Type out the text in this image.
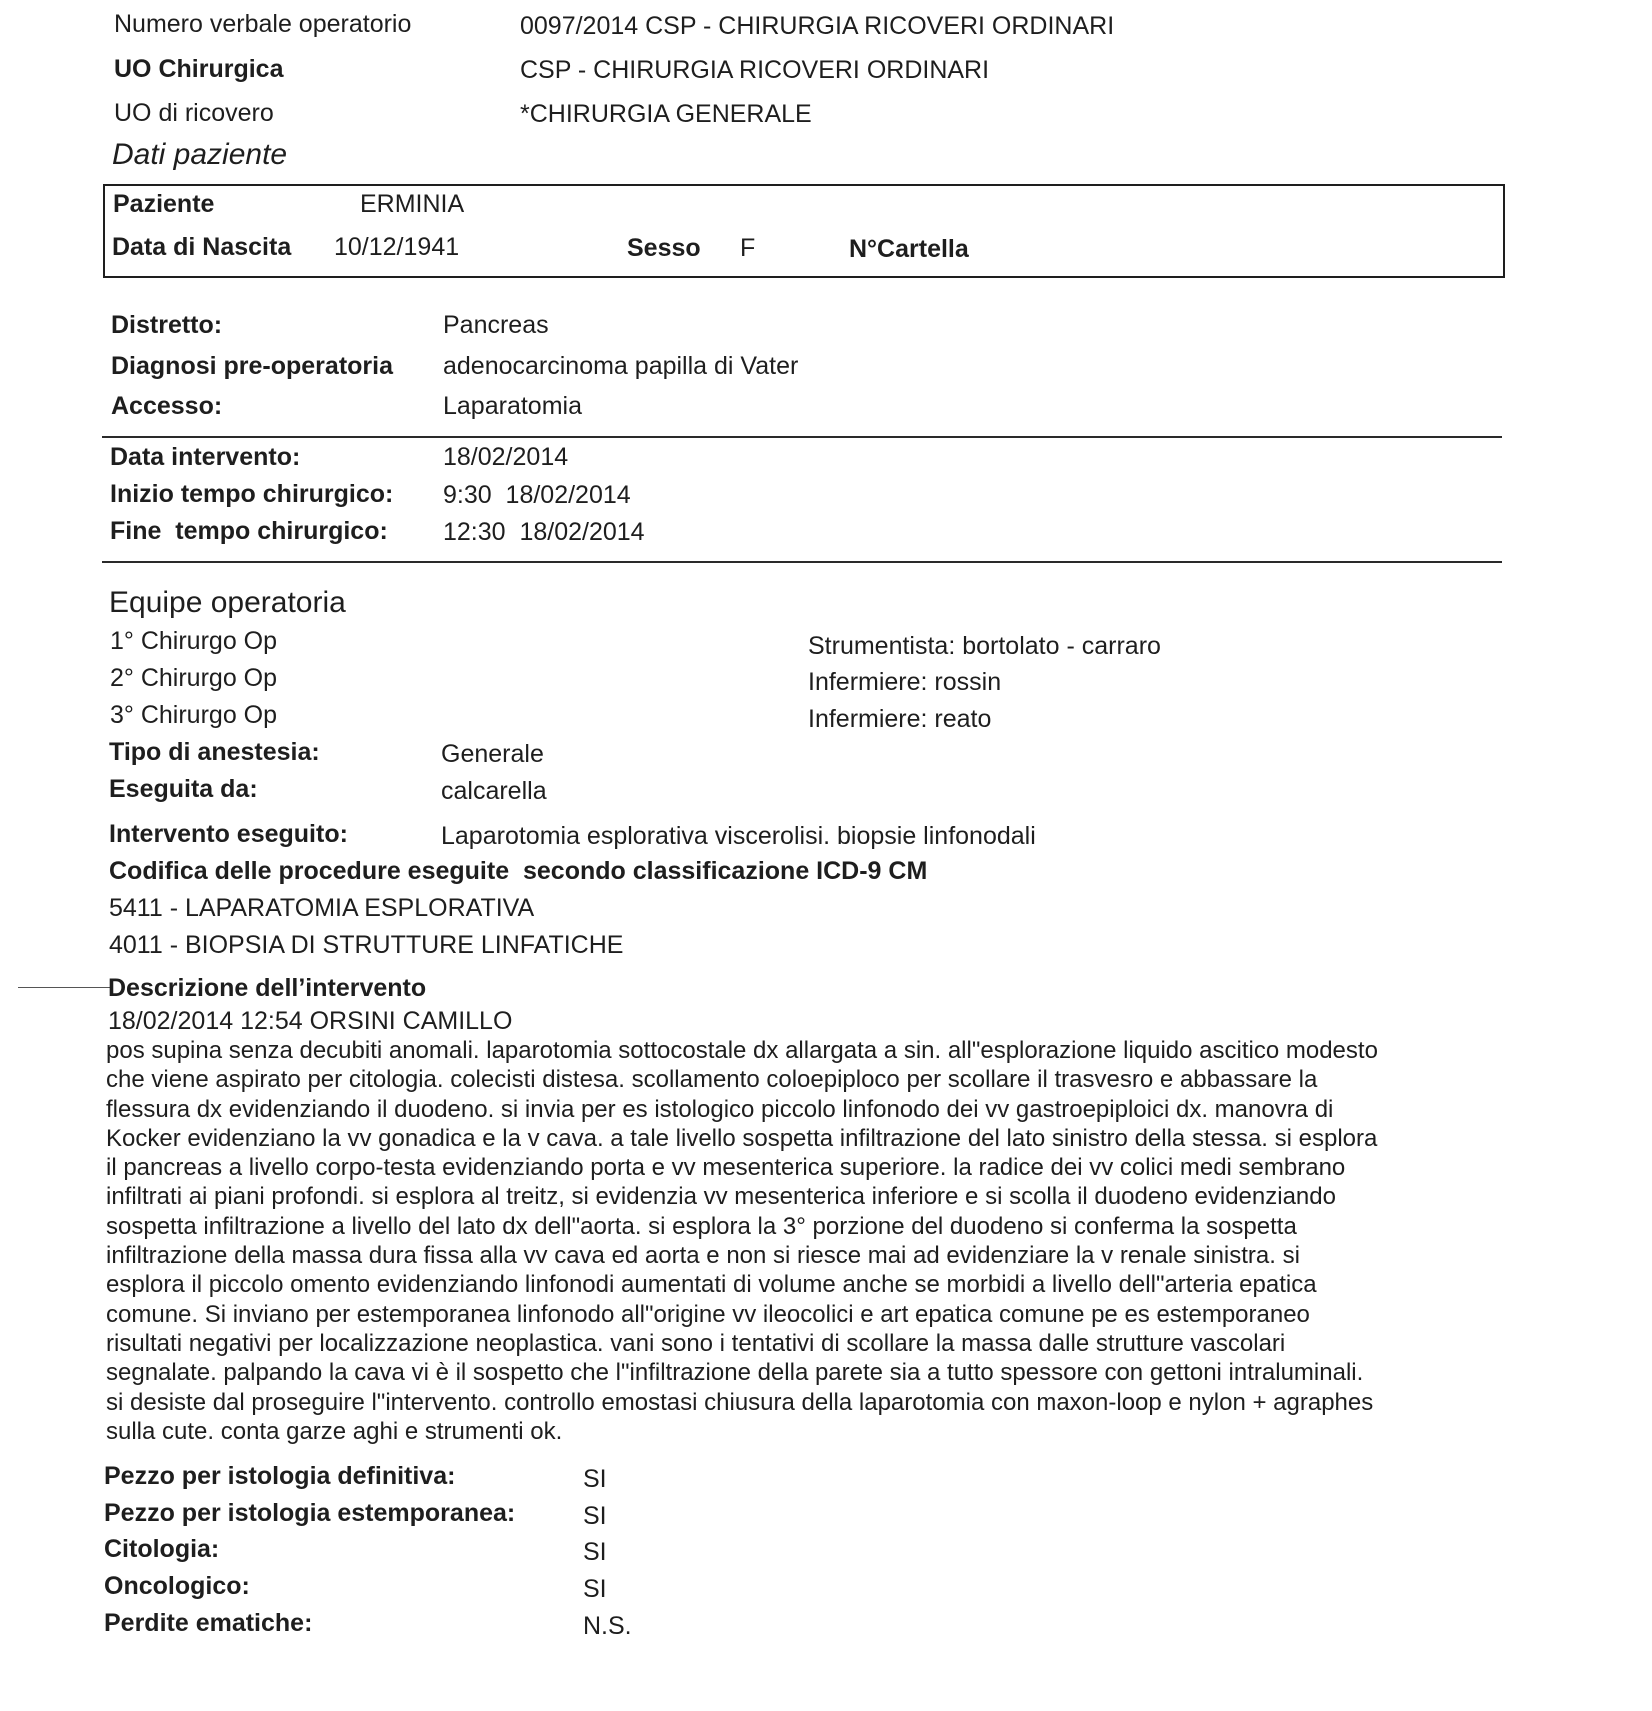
Numero verbale operatorio	0097/2014 CSP - CHIRURGIA RICOVERI ORDINARI
UO Chirurgica	CSP - CHIRURGIA RICOVERI ORDINARI
UO di ricovero	*CHIRURGIA GENERALE
Dati paziente
Paziente	ERMINIA
Data di Nascita 10/12/1941	Sesso F	N°Cartella
Distretto:	Pancreas
Diagnosi pre-operatoria adenocarcinoma papilla di Vater
Accesso:	Laparatomia
Data intervento:	18/02/2014
Inizio tempo chirurgico: 9:30  18/02/2014
Fine  tempo chirurgico: 12:30  18/02/2014
Equipe operatoria
1° Chirurgo Op
2° Chirurgo Op
3° Chirurgo Op
Strumentista: bortolato - carraro
Infermiere: rossin
Infermiere: reato
Tipo di anestesia:	Generale
Eseguita da:	calcarella
Intervento eseguito:	Laparotomia esplorativa viscerolisi. biopsie linfonodali
Codifica delle procedure eseguite  secondo classificazione ICD-9 CM
5411 - LAPARATOMIA ESPLORATIVA
4011 - BIOPSIA DI STRUTTURE LINFATICHE
Descrizione dell’intervento
18/02/2014 12:54 ORSINI CAMILLO
pos supina senza decubiti anomali. laparotomia sottocostale dx allargata a sin. all"esplorazione liquido ascitico modesto
che viene aspirato per citologia. colecisti distesa. scollamento coloepiploco per scollare il trasvesro e abbassare la
flessura dx evidenziando il duodeno. si invia per es istologico piccolo linfonodo dei vv gastroepiploici dx. manovra di
Kocker evidenziano la vv gonadica e la v cava. a tale livello sospetta infiltrazione del lato sinistro della stessa. si esplora
il pancreas a livello corpo-testa evidenziando porta e vv mesenterica superiore. la radice dei vv colici medi sembrano
infiltrati ai piani profondi. si esplora al treitz, si evidenzia vv mesenterica inferiore e si scolla il duodeno evidenziando
sospetta infiltrazione a livello del lato dx dell"aorta. si esplora la 3° porzione del duodeno si conferma la sospetta
infiltrazione della massa dura fissa alla vv cava ed aorta e non si riesce mai ad evidenziare la v renale sinistra. si
esplora il piccolo omento evidenziando linfonodi aumentati di volume anche se morbidi a livello dell"arteria epatica
comune. Si inviano per estemporanea linfonodo all"origine vv ileocolici e art epatica comune pe es estemporaneo
risultati negativi per localizzazione neoplastica. vani sono i tentativi di scollare la massa dalle strutture vascolari
segnalate. palpando la cava vi è il sospetto che l"infiltrazione della parete sia a tutto spessore con gettoni intraluminali.
si desiste dal proseguire l"intervento. controllo emostasi chiusura della laparotomia con maxon-loop e nylon + agraphes
sulla cute. conta garze aghi e strumenti ok.
Pezzo per istologia definitiva:	SI
Pezzo per istologia estemporanea:	SI
Citologia:	SI
Oncologico:	SI
Perdite ematiche:	N.S.
